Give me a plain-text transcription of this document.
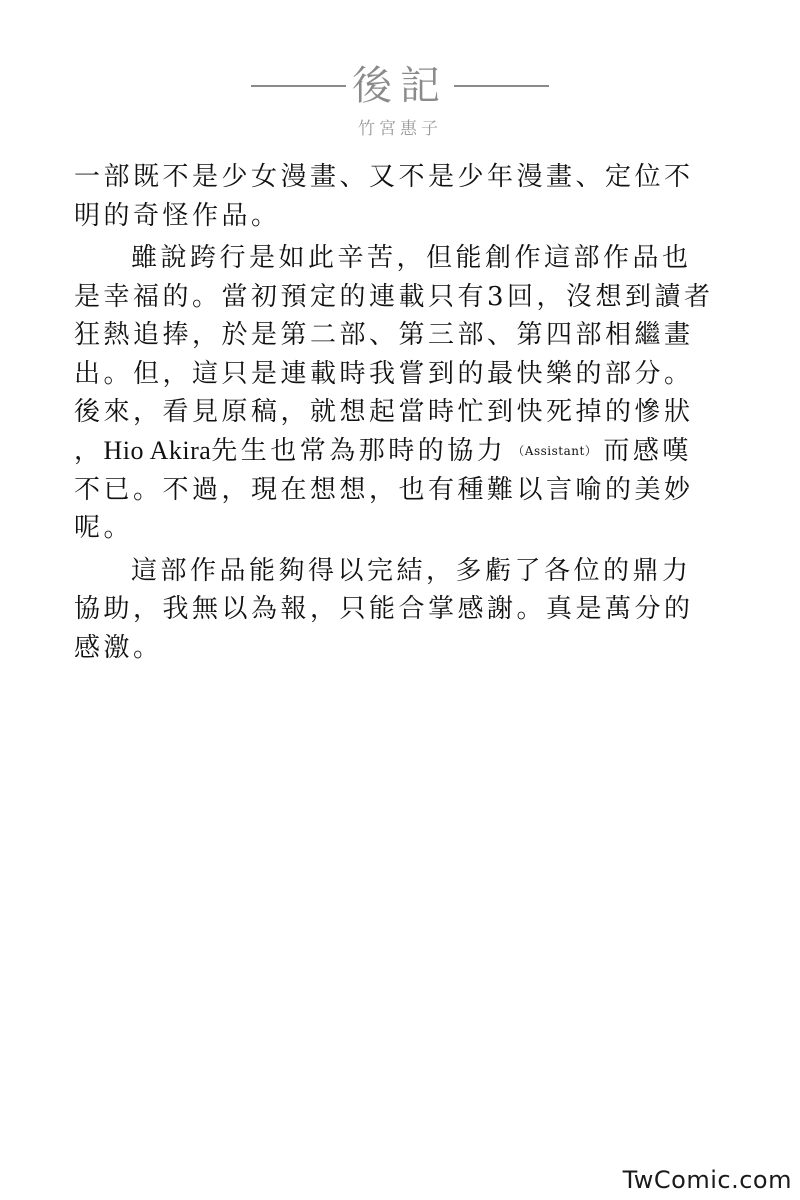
後記
竹宮惠子

一部既不是少女漫畫、又不是少年漫畫、定位不
明的奇怪作品。

雖說跨行是如此辛苦，但能創作這部作品也
是幸福的。當初預定的連載只有3回，沒想到讀者
狂熱追捧，於是第二部、第三部、第四部相繼畫
出。但，這只是連載時我嘗到的最快樂的部分。
後來，看見原稿，就想起當時忙到快死掉的慘狀
，Hio Akira先生也常為那時的協力 （Assistant） 而感嘆
不已。不過，現在想想，也有種難以言喻的美妙
呢。

這部作品能夠得以完結，多虧了各位的鼎力
協助，我無以為報，只能合掌感謝。真是萬分的
感激。

TwComic.com
